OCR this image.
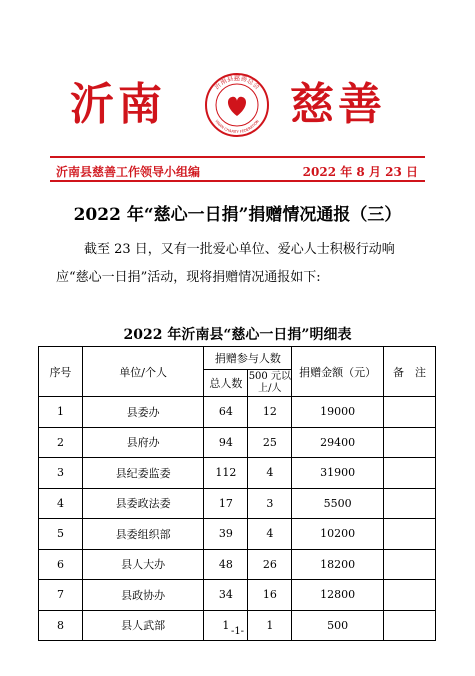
沂南	沂南县慈善总会
YINAN CHARITY FEDERATION 慈善
沂南县慈善工作领导小组编	2022 年 8 月 23 日
2022 年“慈心一日捐”捐赠情况通报（三）
截至 23 日，又有一批爱心单位、爱心人士积极行动响应“慈心一日捐”活动，现将捐赠情况通报如下:
2022 年沂南县“慈心一日捐”明细表
序号	单位/个人	捐赠参与人数		捐赠金额（元）	备　注
		总人数	500 元以上/人		
1	县委办	64	12	19000	
2	县府办	94	25	29400	
3	县纪委监委	112	4	31900	
4	县委政法委	17	3	5500	
5	县委组织部	39	4	10200	
6	县人大办	48	26	18200	
7	县政协办	34	16	12800	
8	县人武部	1	1	500	
-1-
